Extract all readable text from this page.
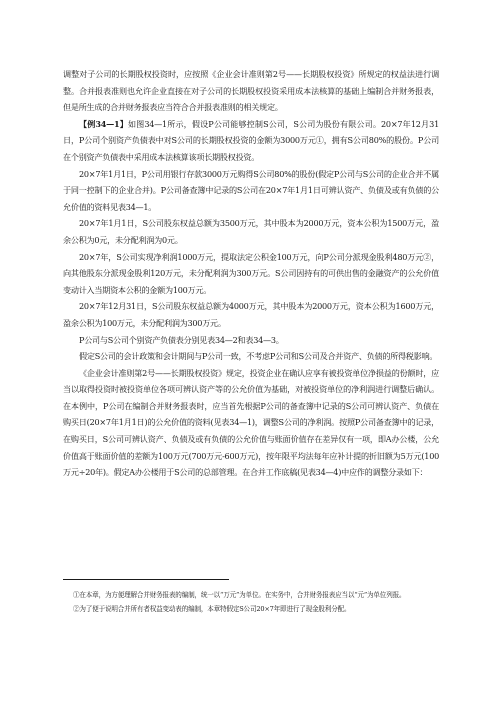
调整对子公司的长期股权投资时，应按照《企业会计准则第2号——长期股权投资》所规定的权益法进行调整。合并报表准则也允许企业直接在对子公司的长期股权投资采用成本法核算的基础上编制合并财务报表，但是所生成的合并财务报表应当符合合并报表准则的相关规定。

【例34—1】如图34—1所示，假设P公司能够控制S公司，S公司为股份有限公司。20×7年12月31日，P公司个别资产负债表中对S公司的长期股权投资的金额为3000万元①，拥有S公司80%的股份。P公司在个别资产负债表中采用成本法核算该项长期股权投资。

20×7年1月1日，P公司用银行存款3000万元购得S公司80%的股份(假定P公司与S公司的企业合并不属于同一控制下的企业合并)。P公司备查簿中记录的S公司在20×7年1月1日可辨认资产、负债及或有负债的公允价值的资料见表34—1。

20×7年1月1日，S公司股东权益总额为3500万元，其中股本为2000万元，资本公积为1500万元，盈余公积为0元，未分配利润为0元。

20×7年，S公司实现净利润1000万元，提取法定公积金100万元，向P公司分派现金股利480万元②，向其他股东分派现金股利120万元，未分配利润为300万元。S公司因持有的可供出售的金融资产的公允价值变动计入当期资本公积的金额为100万元。

20×7年12月31日，S公司股东权益总额为4000万元，其中股本为2000万元，资本公积为1600万元，盈余公积为100万元，未分配利润为300万元。

P公司与S公司个别资产负债表分别见表34—2和表34—3。

假定S公司的会计政策和会计期间与P公司一致，不考虑P公司和S公司及合并资产、负债的所得税影响。

《企业会计准则第2号——长期股权投资》规定，投资企业在确认应享有被投资单位净损益的份额时，应当以取得投资时被投资单位各项可辨认资产等的公允价值为基础，对被投资单位的净利润进行调整后确认。在本例中，P公司在编制合并财务报表时，应当首先根据P公司的备查簿中记录的S公司可辨认资产、负债在购买日(20×7年1月1日)的公允价值的资料(见表34—1)，调整S公司的净利润。按照P公司备查簿中的记录，在购买日，S公司可辨认资产、负债及或有负债的公允价值与账面价值存在差异仅有一项，即A办公楼，公允价值高于账面价值的差额为100万元(700万元-600万元)，按年限平均法每年应补计提的折旧额为5万元(100万元÷20年)。假定A办公楼用于S公司的总部管理。在合并工作底稿(见表34—4)中应作的调整分录如下：

①在本章，为方便理解合并财务报表的编制，统一以“万元”为单位。在实务中，合并财务报表应当以“元”为单位列报。

②为了便于说明合并所有者权益变动表的编制，本章特假定S公司20×7年即进行了现金股利分配。
